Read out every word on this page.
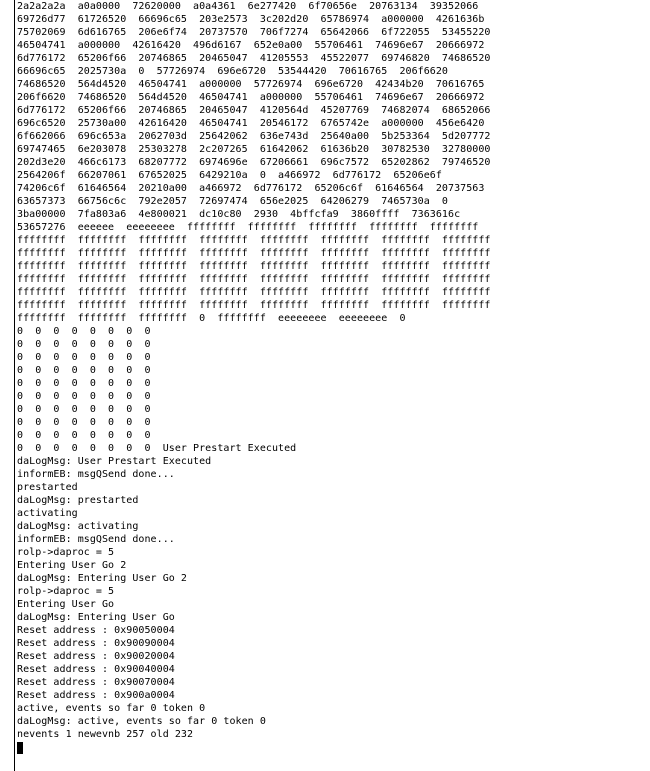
2a2a2a2a  a0a0000  72620000  a0a4361  6e277420  6f70656e  20763134  39352066
69726d77  61726520  66696c65  203e2573  3c202d20  65786974  a000000  4261636b
75702069  6d616765  206e6f74  20737570  706f7274  65642066  6f722055  53455220
46504741  a000000  42616420  496d6167  652e0a00  55706461  74696e67  20666972
6d776172  65206f66  20746865  20465047  41205553  45522077  69746820  74686520
66696c65  2025730a  0  57726974  696e6720  53544420  70616765  206f6620
74686520  564d4520  46504741  a000000  57726974  696e6720  42434b20  70616765
206f6620  74686520  564d4520  46504741  a000000  55706461  74696e67  20666972
6d776172  65206f66  20746865  20465047  4120564d  45207769  74682074  68652066
696c6520  25730a00  42616420  46504741  20546172  6765742e  a000000  456e6420
6f662066  696c653a  2062703d  25642062  636e743d  25640a00  5b253364  5d207772
69747465  6e203078  25303278  2c207265  61642062  61636b20  30782530  32780000
202d3e20  466c6173  68207772  6974696e  67206661  696c7572  65202862  79746520
2564206f  66207061  67652025  6429210a  0  a466972  6d776172  65206e6f
74206c6f  61646564  20210a00  a466972  6d776172  65206c6f  61646564  20737563
63657373  66756c6c  792e2057  72697474  656e2025  64206279  7465730a  0
3ba00000  7fa803a6  4e800021  dc10c80  2930  4bffcfa9  3860ffff  7363616c
53657276  eeeeee  eeeeeeee  ffffffff  ffffffff  ffffffff  ffffffff  ffffffff
ffffffff  ffffffff  ffffffff  ffffffff  ffffffff  ffffffff  ffffffff  ffffffff
ffffffff  ffffffff  ffffffff  ffffffff  ffffffff  ffffffff  ffffffff  ffffffff
ffffffff  ffffffff  ffffffff  ffffffff  ffffffff  ffffffff  ffffffff  ffffffff
ffffffff  ffffffff  ffffffff  ffffffff  ffffffff  ffffffff  ffffffff  ffffffff
ffffffff  ffffffff  ffffffff  ffffffff  ffffffff  ffffffff  ffffffff  ffffffff
ffffffff  ffffffff  ffffffff  ffffffff  ffffffff  ffffffff  ffffffff  ffffffff
ffffffff  ffffffff  ffffffff  0  ffffffff  eeeeeeee  eeeeeeee  0
0  0  0  0  0  0  0  0
0  0  0  0  0  0  0  0
0  0  0  0  0  0  0  0
0  0  0  0  0  0  0  0
0  0  0  0  0  0  0  0
0  0  0  0  0  0  0  0
0  0  0  0  0  0  0  0
0  0  0  0  0  0  0  0
0  0  0  0  0  0  0  0
0  0  0  0  0  0  0  0  User Prestart Executed
daLogMsg: User Prestart Executed
informEB: msgQSend done...
prestarted
daLogMsg: prestarted
activating
daLogMsg: activating
informEB: msgQSend done...
rolp->daproc = 5
Entering User Go 2
daLogMsg: Entering User Go 2
rolp->daproc = 5
Entering User Go
daLogMsg: Entering User Go
Reset address : 0x90050004
Reset address : 0x90090004
Reset address : 0x90020004
Reset address : 0x90040004
Reset address : 0x90070004
Reset address : 0x900a0004
active, events so far 0 token 0
daLogMsg: active, events so far 0 token 0
nevents 1 newevnb 257 old 232
